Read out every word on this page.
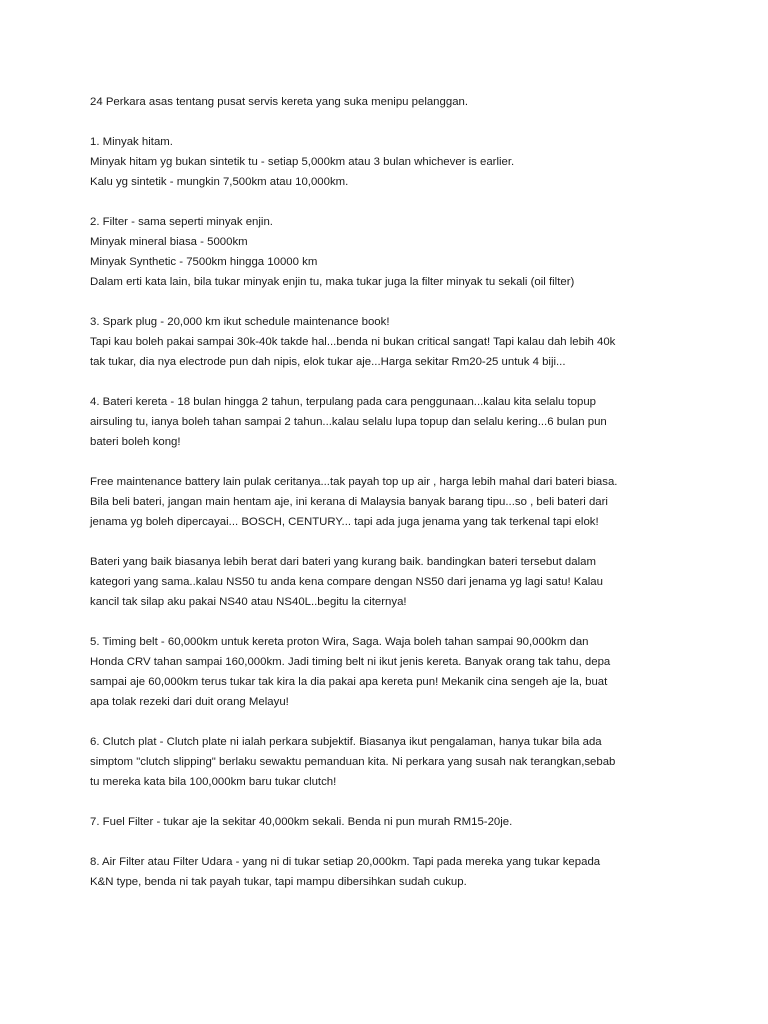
24 Perkara asas tentang pusat servis kereta yang suka menipu pelanggan.
1. Minyak hitam.
Minyak hitam yg bukan sintetik tu - setiap 5,000km atau 3 bulan whichever is earlier.
Kalu yg sintetik - mungkin 7,500km atau 10,000km.
2. Filter - sama seperti minyak enjin.
Minyak mineral biasa - 5000km
Minyak Synthetic - 7500km hingga 10000 km
Dalam erti kata lain, bila tukar minyak enjin tu, maka tukar juga la filter minyak tu sekali (oil filter)
3. Spark plug - 20,000 km ikut schedule maintenance book!
Tapi kau boleh pakai sampai 30k-40k takde hal...benda ni bukan critical sangat! Tapi kalau dah lebih 40k
tak tukar, dia nya electrode pun dah nipis, elok tukar aje...Harga sekitar Rm20-25 untuk 4 biji...
4. Bateri kereta - 18 bulan hingga 2 tahun, terpulang pada cara penggunaan...kalau kita selalu topup
airsuling tu, ianya boleh tahan sampai 2 tahun...kalau selalu lupa topup dan selalu kering...6 bulan pun
bateri boleh kong!
Free maintenance battery lain pulak ceritanya...tak payah top up air , harga lebih mahal dari bateri biasa.
Bila beli bateri, jangan main hentam aje, ini kerana di Malaysia banyak barang tipu...so , beli bateri dari
jenama yg boleh dipercayai... BOSCH, CENTURY... tapi ada juga jenama yang tak terkenal tapi elok!
Bateri yang baik biasanya lebih berat dari bateri yang kurang baik. bandingkan bateri tersebut dalam
kategori yang sama..kalau NS50 tu anda kena compare dengan NS50 dari jenama yg lagi satu! Kalau
kancil tak silap aku pakai NS40 atau NS40L..begitu la citernya!
5. Timing belt - 60,000km untuk kereta proton Wira, Saga. Waja boleh tahan sampai 90,000km dan
Honda CRV tahan sampai 160,000km. Jadi timing belt ni ikut jenis kereta. Banyak orang tak tahu, depa
sampai aje 60,000km terus tukar tak kira la dia pakai apa kereta pun! Mekanik cina sengeh aje la, buat
apa tolak rezeki dari duit orang Melayu!
6. Clutch plat - Clutch plate ni ialah perkara subjektif. Biasanya ikut pengalaman, hanya tukar bila ada
simptom "clutch slipping" berlaku sewaktu pemanduan kita. Ni perkara yang susah nak terangkan,sebab
tu mereka kata bila 100,000km baru tukar clutch!
7. Fuel Filter - tukar aje la sekitar 40,000km sekali. Benda ni pun murah RM15-20je.
8. Air Filter atau Filter Udara - yang ni di tukar setiap 20,000km. Tapi pada mereka yang tukar kepada
K&N type, benda ni tak payah tukar, tapi mampu dibersihkan sudah cukup.
